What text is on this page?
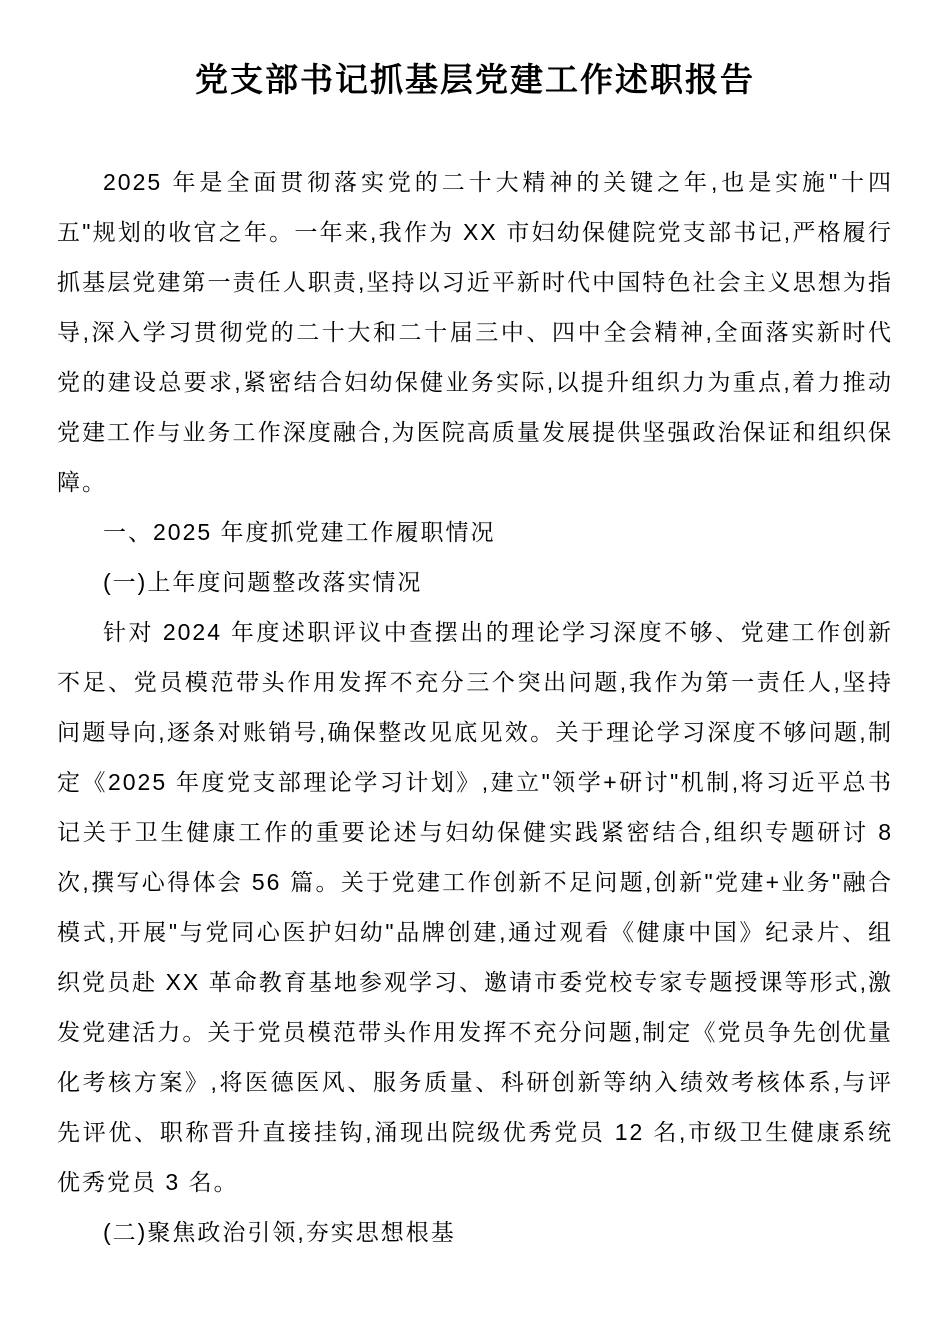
党支部书记抓基层党建工作述职报告

2025 年是全面贯彻落实党的二十大精神的关键之年,也是实施"十四五"规划的收官之年。一年来,我作为 XX 市妇幼保健院党支部书记,严格履行抓基层党建第一责任人职责,坚持以习近平新时代中国特色社会主义思想为指导,深入学习贯彻党的二十大和二十届三中、四中全会精神,全面落实新时代党的建设总要求,紧密结合妇幼保健业务实际,以提升组织力为重点,着力推动党建工作与业务工作深度融合,为医院高质量发展提供坚强政治保证和组织保障。

一、2025 年度抓党建工作履职情况

(一)上年度问题整改落实情况

针对 2024 年度述职评议中查摆出的理论学习深度不够、党建工作创新不足、党员模范带头作用发挥不充分三个突出问题,我作为第一责任人,坚持问题导向,逐条对账销号,确保整改见底见效。关于理论学习深度不够问题,制定《2025 年度党支部理论学习计划》,建立"领学+研讨"机制,将习近平总书记关于卫生健康工作的重要论述与妇幼保健实践紧密结合,组织专题研讨 8 次,撰写心得体会 56 篇。关于党建工作创新不足问题,创新"党建+业务"融合模式,开展"与党同心医护妇幼"品牌创建,通过观看《健康中国》纪录片、组织党员赴 XX 革命教育基地参观学习、邀请市委党校专家专题授课等形式,激发党建活力。关于党员模范带头作用发挥不充分问题,制定《党员争先创优量化考核方案》,将医德医风、服务质量、科研创新等纳入绩效考核体系,与评先评优、职称晋升直接挂钩,涌现出院级优秀党员 12 名,市级卫生健康系统优秀党员 3 名。

(二)聚焦政治引领,夯实思想根基
